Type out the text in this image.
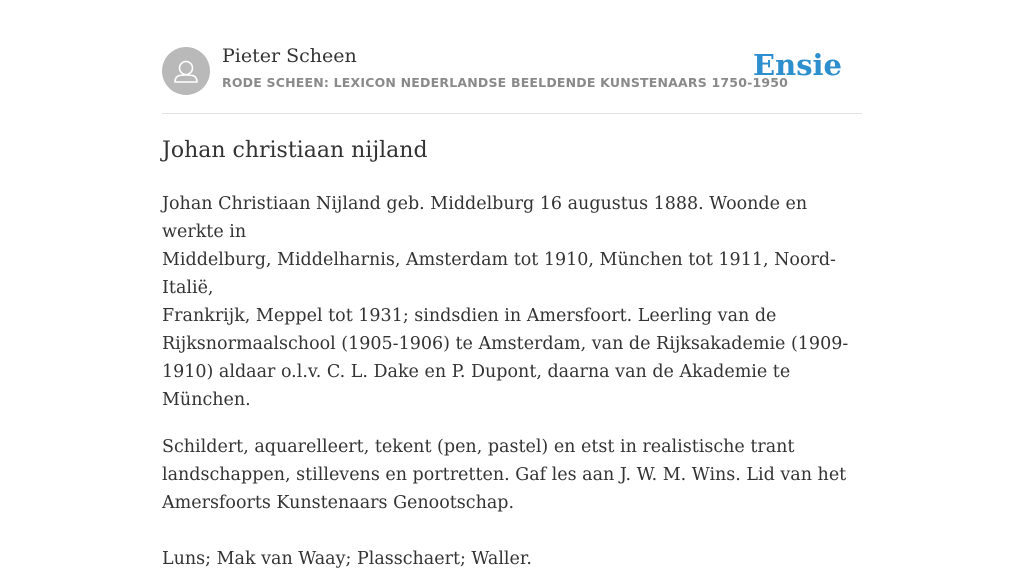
Pieter Scheen
RODE SCHEEN: LEXICON NEDERLANDSE BEELDENDE KUNSTENAARS 1750-1950
Ensie
Johan christiaan nijland

Johan Christiaan Nijland geb. Middelburg 16 augustus 1888. Woonde en werkte in
Middelburg, Middelharnis, Amsterdam tot 1910, München tot 1911, Noord-Italië,
Frankrijk, Meppel tot 1931; sindsdien in Amersfoort. Leerling van de
Rijksnormaalschool (1905-1906) te Amsterdam, van de Rijksakademie (1909-
1910) aldaar o.l.v. C. L. Dake en P. Dupont, daarna van de Akademie te München.

Schildert, aquarelleert, tekent (pen, pastel) en etst in realistische trant
landschappen, stillevens en portretten. Gaf les aan J. W. M. Wins. Lid van het
Amersfoorts Kunstenaars Genootschap.

Luns; Mak van Waay; Plasschaert; Waller.
